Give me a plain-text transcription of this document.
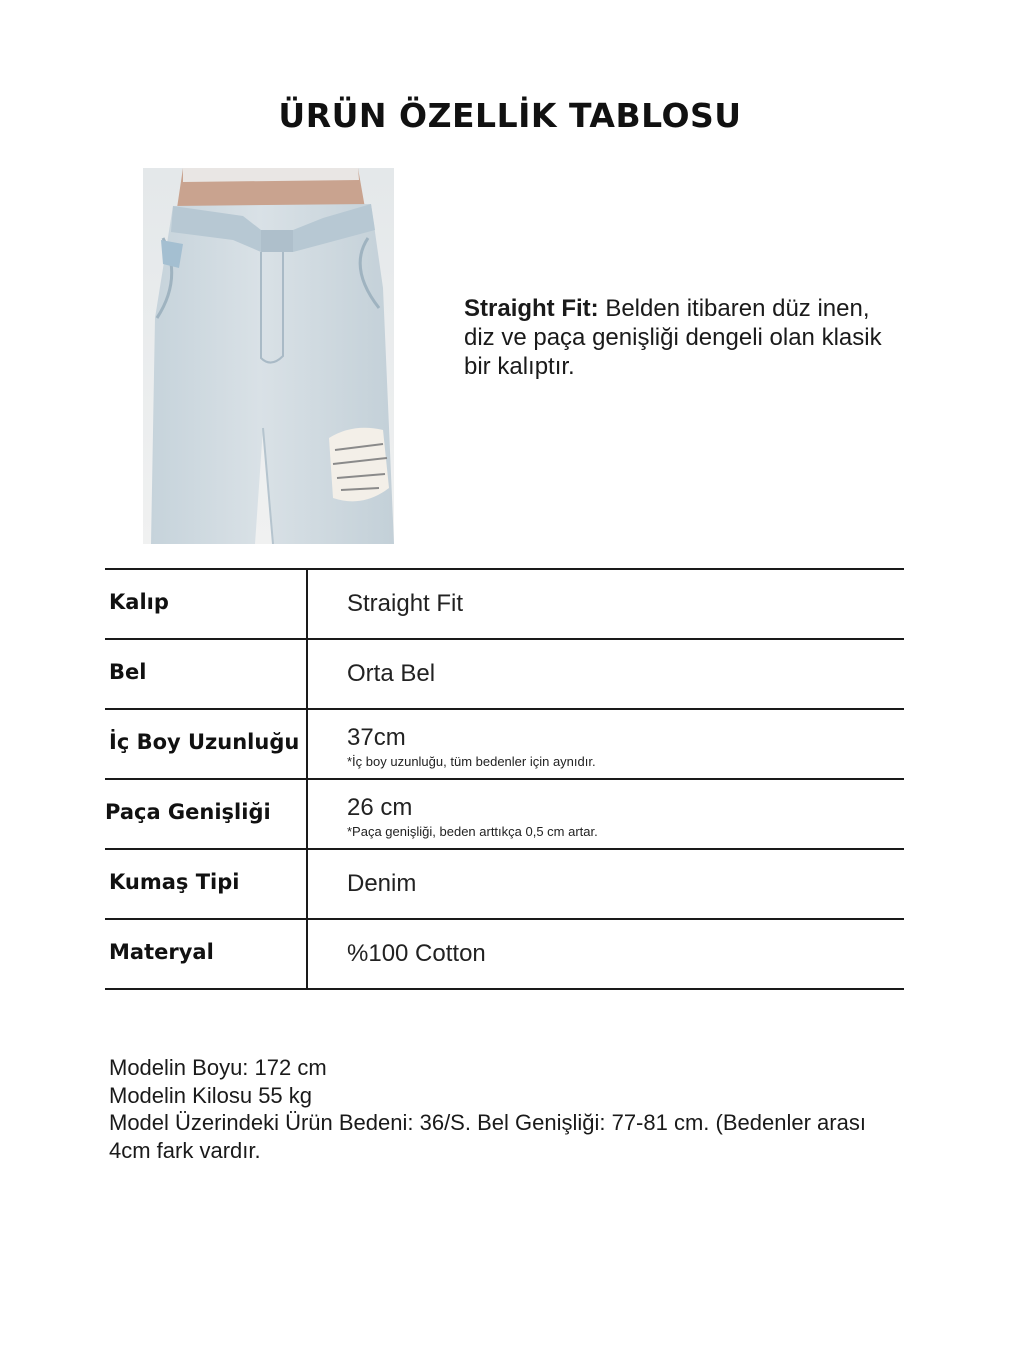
ÜRÜN ÖZELLİK TABLOSU
Straight Fit: Belden itibaren düz inen, diz ve paça genişliği dengeli olan klasik bir kalıptır.
Kalıp	Straight Fit
Bel	Orta Bel
İç Boy Uzunluğu 37cm
*İç boy uzunluğu, tüm bedenler için aynıdır.
Paça Genişliği	26 cm
*Paça genişliği, beden arttıkça 0,5 cm artar.
Kumaş Tipi	Denim
Materyal	%100 Cotton
Modelin Boyu: 172 cm
Modelin Kilosu 55 kg
Model Üzerindeki Ürün Bedeni: 36/S. Bel Genişliği: 77-81 cm. (Bedenler arası 4cm fark vardır.
